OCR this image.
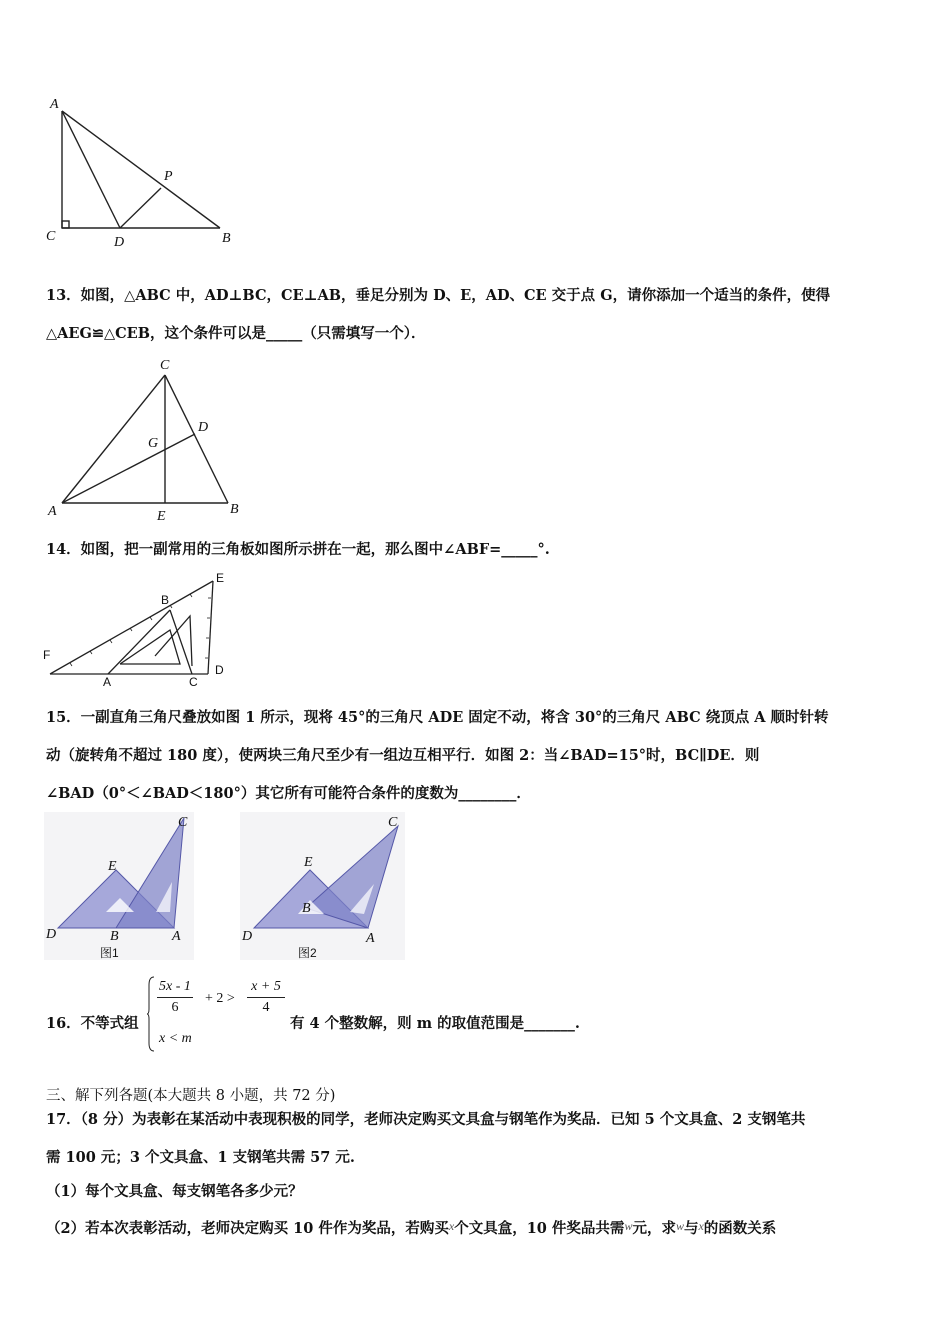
A
C	D	B
P
13．如图，△ABC 中，AD⊥BC，CE⊥AB，垂足分别为 D、E，AD、CE 交于点 G，请你添加一个适当的条件，使得
△AEG≌△CEB，这个条件可以是_____（只需填写一个）．
C
D
G
A	E	B
14．如图，把一副常用的三角板如图所示拼在一起，那么图中∠ABF=_____°.
E
B
F
A	C
D
15．一副直角三角尺叠放如图 1 所示，现将 45°的三角尺 ADE 固定不动，将含 30°的三角尺 ABC 绕顶点 A 顺时针转
动（旋转角不超过 180 度），使两块三角尺至少有一组边互相平行．如图 2：当∠BAD=15°时，BC∥DE．则
∠BAD（0°＜∠BAD＜180°）其它所有可能符合条件的度数为________．
C
E
D	B	A
图1
C
E
D
B
A
图2
16．不等式组
5x - 1
6
+ 2 >
x + 5
4
x < m
有 4 个整数解，则 m 的取值范围是_______.
三、解下列各题(本大题共 8 小题，共 72 分)
17．（8 分）为表彰在某活动中表现积极的同学，老师决定购买文具盒与钢笔作为奖品．已知 5 个文具盒、2 支钢笔共
需 100 元；3 个文具盒、1 支钢笔共需 57 元.
（1）每个文具盒、每支钢笔各多少元？
（2）若本次表彰活动，老师决定购买 10 件作为奖品，若购买$^x$个文具盒，10 件奖品共需$^w$元，求$^w$与$^x$的函数关系
